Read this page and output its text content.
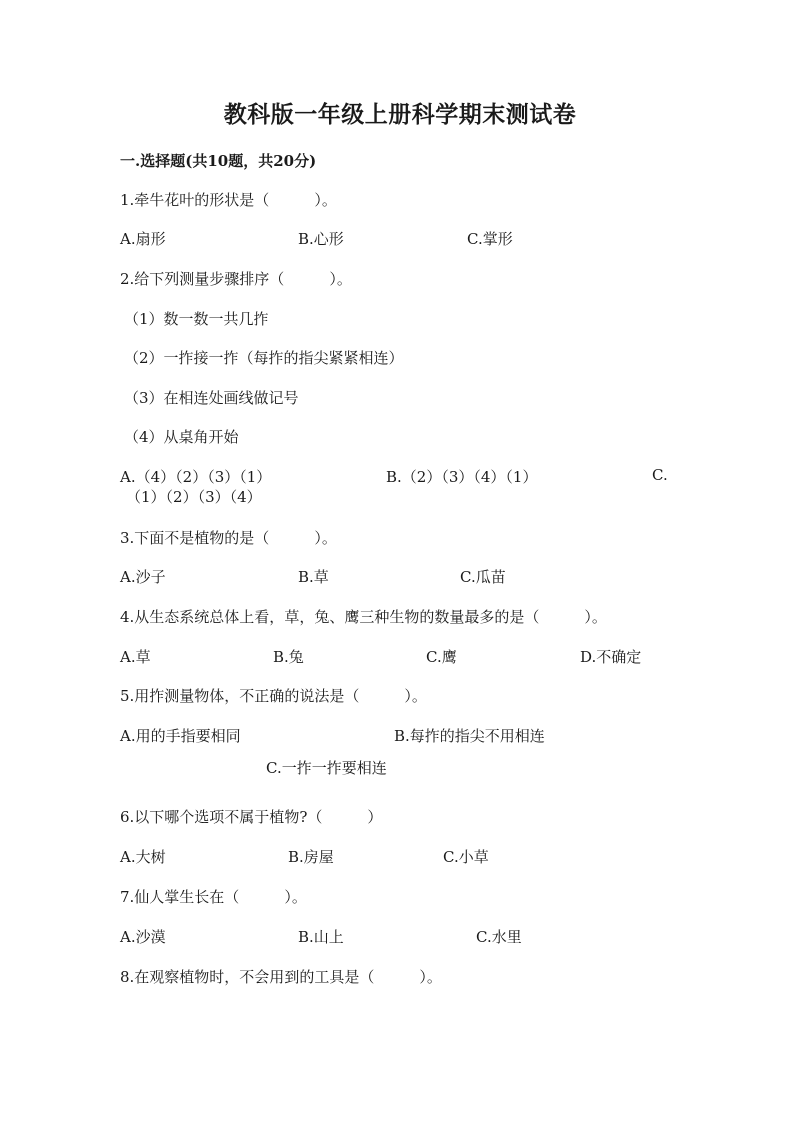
教科版一年级上册科学期末测试卷
一.选择题(共10题，共20分)
1.牵牛花叶的形状是（　　　）。
A.扇形	B.心形	C.掌形
2.给下列测量步骤排序（　　　）。
（1）数一数一共几拃
（2）一拃接一拃（每拃的指尖紧紧相连）
（3）在相连处画线做记号
（4）从桌角开始
A.（4）（2）（3）（1）	B.（2）（3）（4）（1）	C.
（1）（2）（3）（4）
3.下面不是植物的是（　　　）。
A.沙子	B.草	C.瓜苗
4.从生态系统总体上看，草，兔、鹰三种生物的数量最多的是（　　　）。
A.草	B.兔	C.鹰	D.不确定
5.用拃测量物体，不正确的说法是（　　　）。
A.用的手指要相同	B.每拃的指尖不用相连
C.一拃一拃要相连
6.以下哪个选项不属于植物?（　　　）
A.大树	B.房屋	C.小草
7.仙人掌生长在（　　　）。
A.沙漠	B.山上	C.水里
8.在观察植物时，不会用到的工具是（　　　）。
